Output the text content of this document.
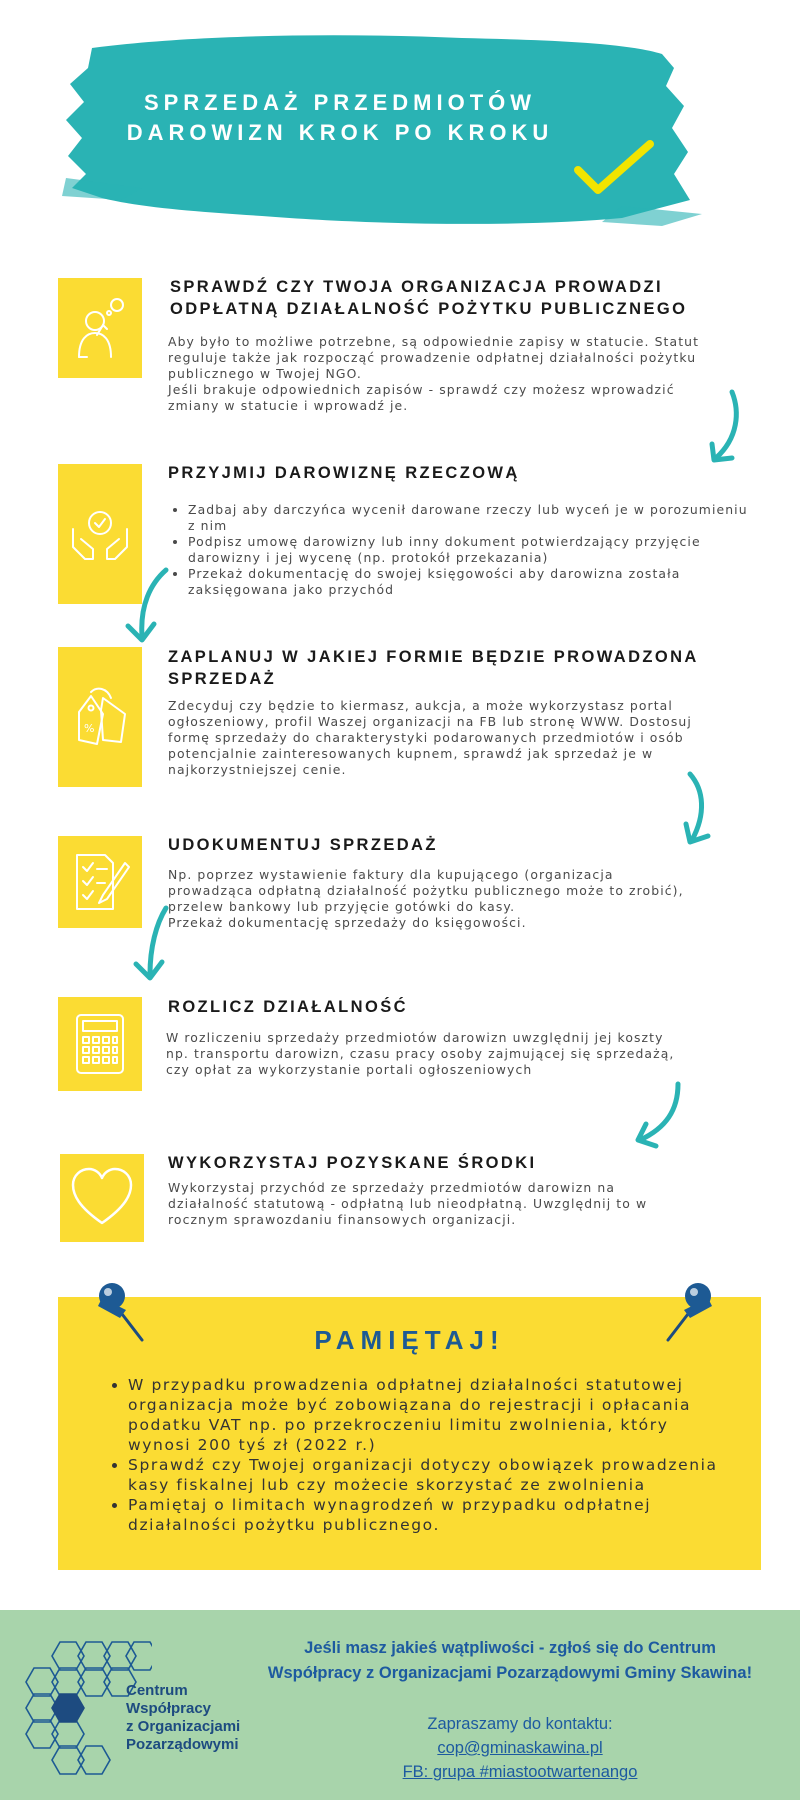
SPRZEDAŻ PRZEDMIOTÓW
DAROWIZN KROK PO KROKU
SPRAWDŹ CZY TWOJA ORGANIZACJA PROWADZI
ODPŁATNĄ DZIAŁALNOŚĆ POŻYTKU PUBLICZNEGO

Aby było to możliwe potrzebne, są odpowiednie zapisy w statucie. Statut

reguluje także jak rozpocząć prowadzenie odpłatnej działalności pożytku

publicznego w Twojej NGO.

Jeśli brakuje odpowiednich zapisów - sprawdź czy możesz wprowadzić

zmiany w statucie i wprowadź je.

PRZYJMIJ DAROWIZNĘ RZECZOWĄ
• Zadbaj aby darczyńca wycenił darowane rzeczy lub wyceń je w porozumieniu z nim
• Podpisz umowę darowizny lub inny dokument potwierdzający przyjęcie darowizny i jej wycenę (np. protokół przekazania)
• Przekaż dokumentację do swojej księgowości aby darowizna została zaksięgowana jako przychód
%
ZAPLANUJ W JAKIEJ FORMIE BĘDZIE PROWADZONA
SPRZEDAŻ

Zdecyduj czy będzie to kiermasz, aukcja, a może wykorzystasz portal

ogłoszeniowy, profil Waszej organizacji na FB lub stronę WWW. Dostosuj

formę sprzedaży do charakterystyki podarowanych przedmiotów i osób

potencjalnie zainteresowanych kupnem, sprawdź jak sprzedaż je w

najkorzystniejszej cenie.

UDOKUMENTUJ SPRZEDAŻ

Np. poprzez wystawienie faktury dla kupującego (organizacja

prowadząca odpłatną działalność pożytku publicznego może to zrobić),

przelew bankowy lub przyjęcie gotówki do kasy.

Przekaż dokumentację sprzedaży do księgowości.

ROZLICZ DZIAŁALNOŚĆ

W rozliczeniu sprzedaży przedmiotów darowizn uwzględnij jej koszty

np. transportu darowizn, czasu pracy osoby zajmującej się sprzedażą,

czy opłat za wykorzystanie portali ogłoszeniowych

WYKORZYSTAJ POZYSKANE ŚRODKI

Wykorzystaj przychód ze sprzedaży przedmiotów darowizn na

działalność statutową - odpłatną lub nieodpłatną. Uwzględnij to w

rocznym sprawozdaniu finansowych organizacji.

PAMIĘTAJ!
• W przypadku prowadzenia odpłatnej działalności statutowej organizacja może być zobowiązana do rejestracji i opłacania podatku VAT np. po przekroczeniu limitu zwolnienia, który wynosi 200 tyś zł (2022 r.)
• Sprawdź czy Twojej organizacji dotyczy obowiązek prowadzenia kasy fiskalnej lub czy możecie skorzystać ze zwolnienia
• Pamiętaj o limitach wynagrodzeń w przypadku odpłatnej działalności pożytku publicznego.
Centrum
Współpracy
z Organizacjami
Pozarządowymi
Jeśli masz jakieś wątpliwości - zgłoś się do Centrum
Współpracy z Organizacjami Pozarządowymi Gminy Skawina!
Zapraszamy do kontaktu:
cop@gminaskawina.pl
FB: grupa #miastootwartenango
